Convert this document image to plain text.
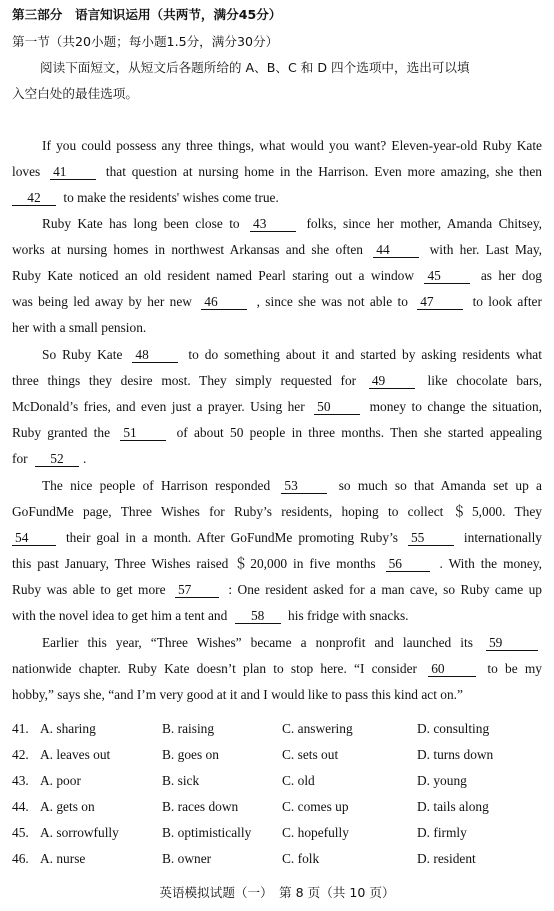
第三部分　语言知识运用（共两节，满分45分）
第一节（共20小题；每小题1.5分，满分30分）
阅读下面短文，从短文后各题所给的 A、B、C 和 D 四个选项中，选出可以填
入空白处的最佳选项。
If you could possess any three things, what would you want? Eleven-year-old Ruby Kate
loves 41	that question at nursing home in the Harrison. Even more amazing, she then
42 to make the residents' wishes come true.
Ruby Kate has long been close to 43	folks, since her mother, Amanda Chitsey,
works at nursing homes in northwest Arkansas and she often 44	with her. Last May,
Ruby Kate noticed an old resident named Pearl staring out a window 45	as her dog
was being led away by her new 46	, since she was not able to 47	to look after
her with a small pension.
So Ruby Kate 48	to do something about it and started by asking residents what
three things they desire most. They simply requested for 49	like chocolate bars,
McDonald’s fries, and even just a prayer. Using her 50	money to change the situation,
Ruby granted the 51	of about 50 people in three months. Then she started appealing
for 52 .
The nice people of Harrison responded 53	so much so that Amanda set up a
GoFundMe page, Three Wishes for Ruby’s residents, hoping to collect ＄5,000. They
54	their goal in a month. After GoFundMe promoting Ruby’s 55	internationally
this past January, Three Wishes raised ＄20,000 in five months 56	. With the money,
Ruby was able to get more 57	: One resident asked for a man cave, so Ruby came up
with the novel idea to get him a tent and 58 his fridge with snacks.
Earlier this year, “Three Wishes” became a nonprofit and launched its 59
nationwide chapter. Ruby Kate doesn’t plan to stop here. “I consider 60	to be my
hobby,” says she, “and I’m very good at it and I would like to pass this kind act on.”
41. A. sharing	B. raising	C. answering	D. consulting
42. A. leaves out	B. goes on	C. sets out	D. turns down
43. A. poor	B. sick	C. old	D. young
44. A. gets on	B. races down	C. comes up	D. tails along
45. A. sorrowfully	B. optimistically C. hopefully	D. firmly
46. A. nurse	B. owner	C. folk	D. resident
英语模拟试题（一）　第 8 页（共 10 页）
